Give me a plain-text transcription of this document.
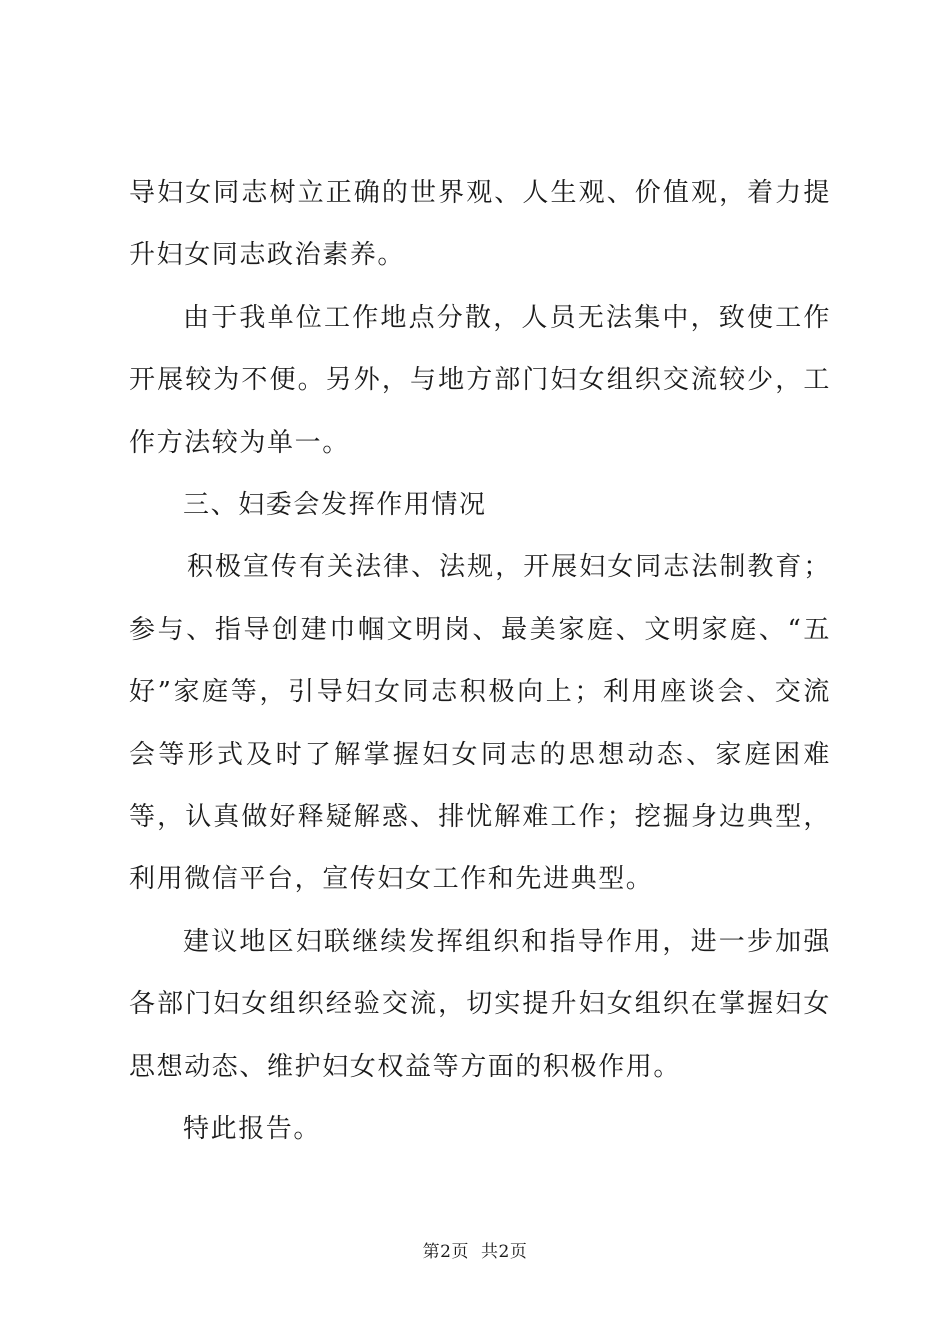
导妇女同志树立正确的世界观、人生观、价值观，着力提升妇女同志政治素养。

由于我单位工作地点分散，人员无法集中，致使工作开展较为不便。另外，与地方部门妇女组织交流较少，工作方法较为单一。

三、妇委会发挥作用情况

积极宣传有关法律、法规，开展妇女同志法制教育；参与、指导创建巾帼文明岗、最美家庭、文明家庭、“五好”家庭等，引导妇女同志积极向上；利用座谈会、交流会等形式及时了解掌握妇女同志的思想动态、家庭困难等，认真做好释疑解惑、排忧解难工作；挖掘身边典型，利用微信平台，宣传妇女工作和先进典型。

建议地区妇联继续发挥组织和指导作用，进一步加强各部门妇女组织经验交流，切实提升妇女组织在掌握妇女思想动态、维护妇女权益等方面的积极作用。

特此报告。

第2页 共2页
